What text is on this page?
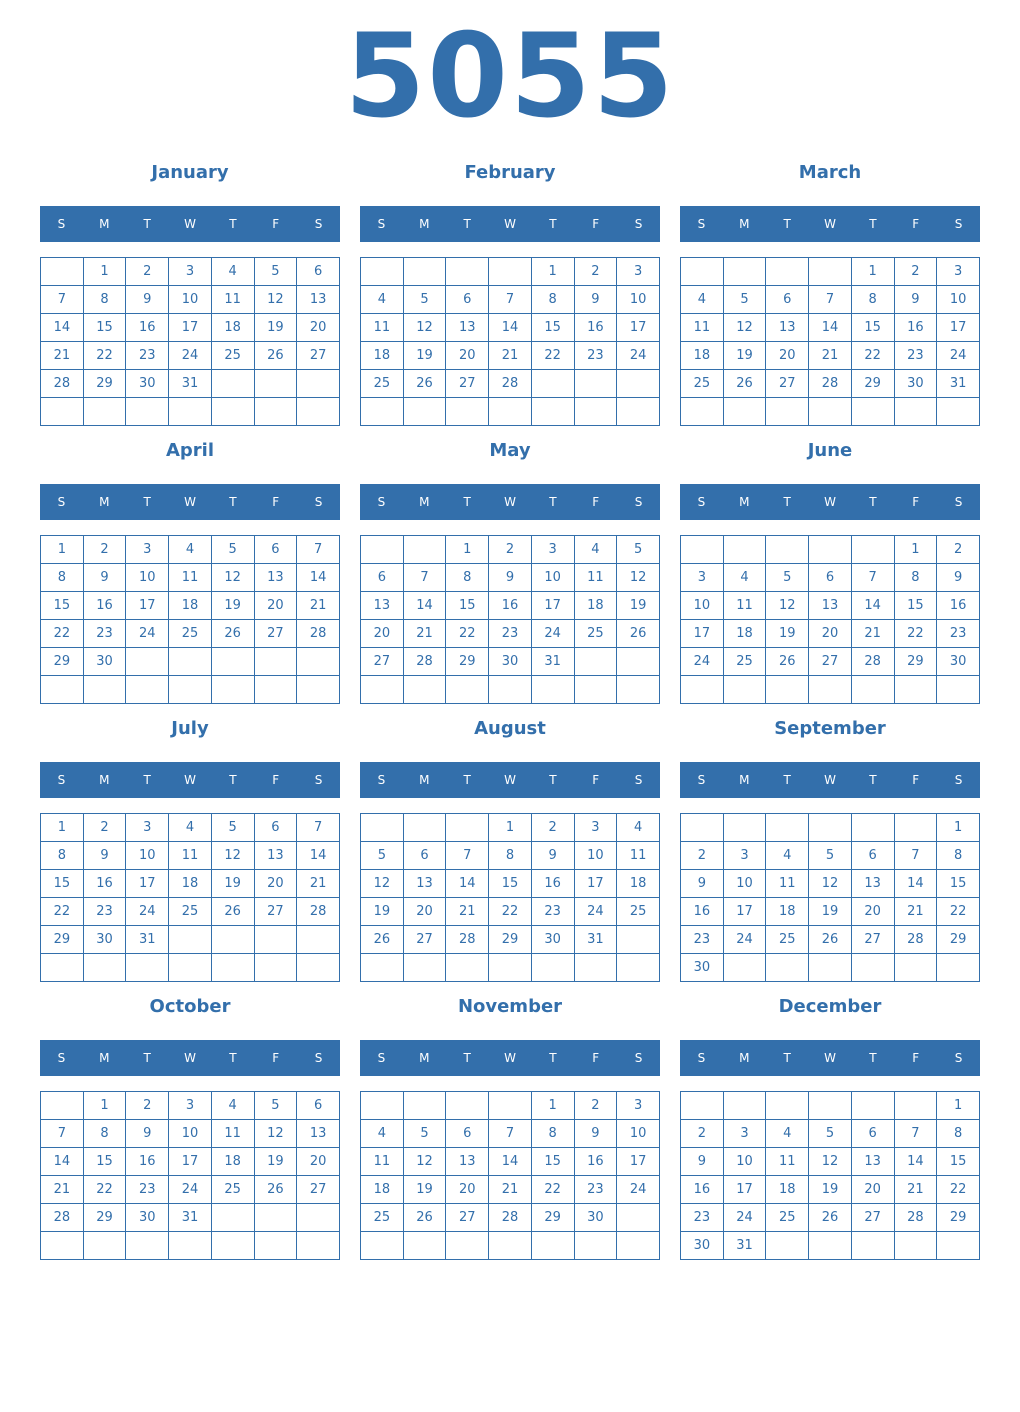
5055
January
S	M	T	W	T	F	S
	1	2	3	4	5	6
7	8	9	10	11	12	13
14	15	16	17	18	19	20
21	22	23	24	25	26	27
28	29	30	31			

February
S	M	T	W	T	F	S
				1	2	3
4	5	6	7	8	9	10
11	12	13	14	15	16	17
18	19	20	21	22	23	24
25	26	27	28			

March
S	M	T	W	T	F	S
				1	2	3
4	5	6	7	8	9	10
11	12	13	14	15	16	17
18	19	20	21	22	23	24
25	26	27	28	29	30	31

April
S	M	T	W	T	F	S
1	2	3	4	5	6	7
8	9	10	11	12	13	14
15	16	17	18	19	20	21
22	23	24	25	26	27	28
29	30					

May
S	M	T	W	T	F	S
		1	2	3	4	5
6	7	8	9	10	11	12
13	14	15	16	17	18	19
20	21	22	23	24	25	26
27	28	29	30	31		

June
S	M	T	W	T	F	S
					1	2
3	4	5	6	7	8	9
10	11	12	13	14	15	16
17	18	19	20	21	22	23
24	25	26	27	28	29	30

July
S	M	T	W	T	F	S
1	2	3	4	5	6	7
8	9	10	11	12	13	14
15	16	17	18	19	20	21
22	23	24	25	26	27	28
29	30	31				

August
S	M	T	W	T	F	S
			1	2	3	4
5	6	7	8	9	10	11
12	13	14	15	16	17	18
19	20	21	22	23	24	25
26	27	28	29	30	31	

September
S	M	T	W	T	F	S
						1
2	3	4	5	6	7	8
9	10	11	12	13	14	15
16	17	18	19	20	21	22
23	24	25	26	27	28	29
30						
October
S	M	T	W	T	F	S
	1	2	3	4	5	6
7	8	9	10	11	12	13
14	15	16	17	18	19	20
21	22	23	24	25	26	27
28	29	30	31			

November
S	M	T	W	T	F	S
				1	2	3
4	5	6	7	8	9	10
11	12	13	14	15	16	17
18	19	20	21	22	23	24
25	26	27	28	29	30	

December
S	M	T	W	T	F	S
						1
2	3	4	5	6	7	8
9	10	11	12	13	14	15
16	17	18	19	20	21	22
23	24	25	26	27	28	29
30	31					
